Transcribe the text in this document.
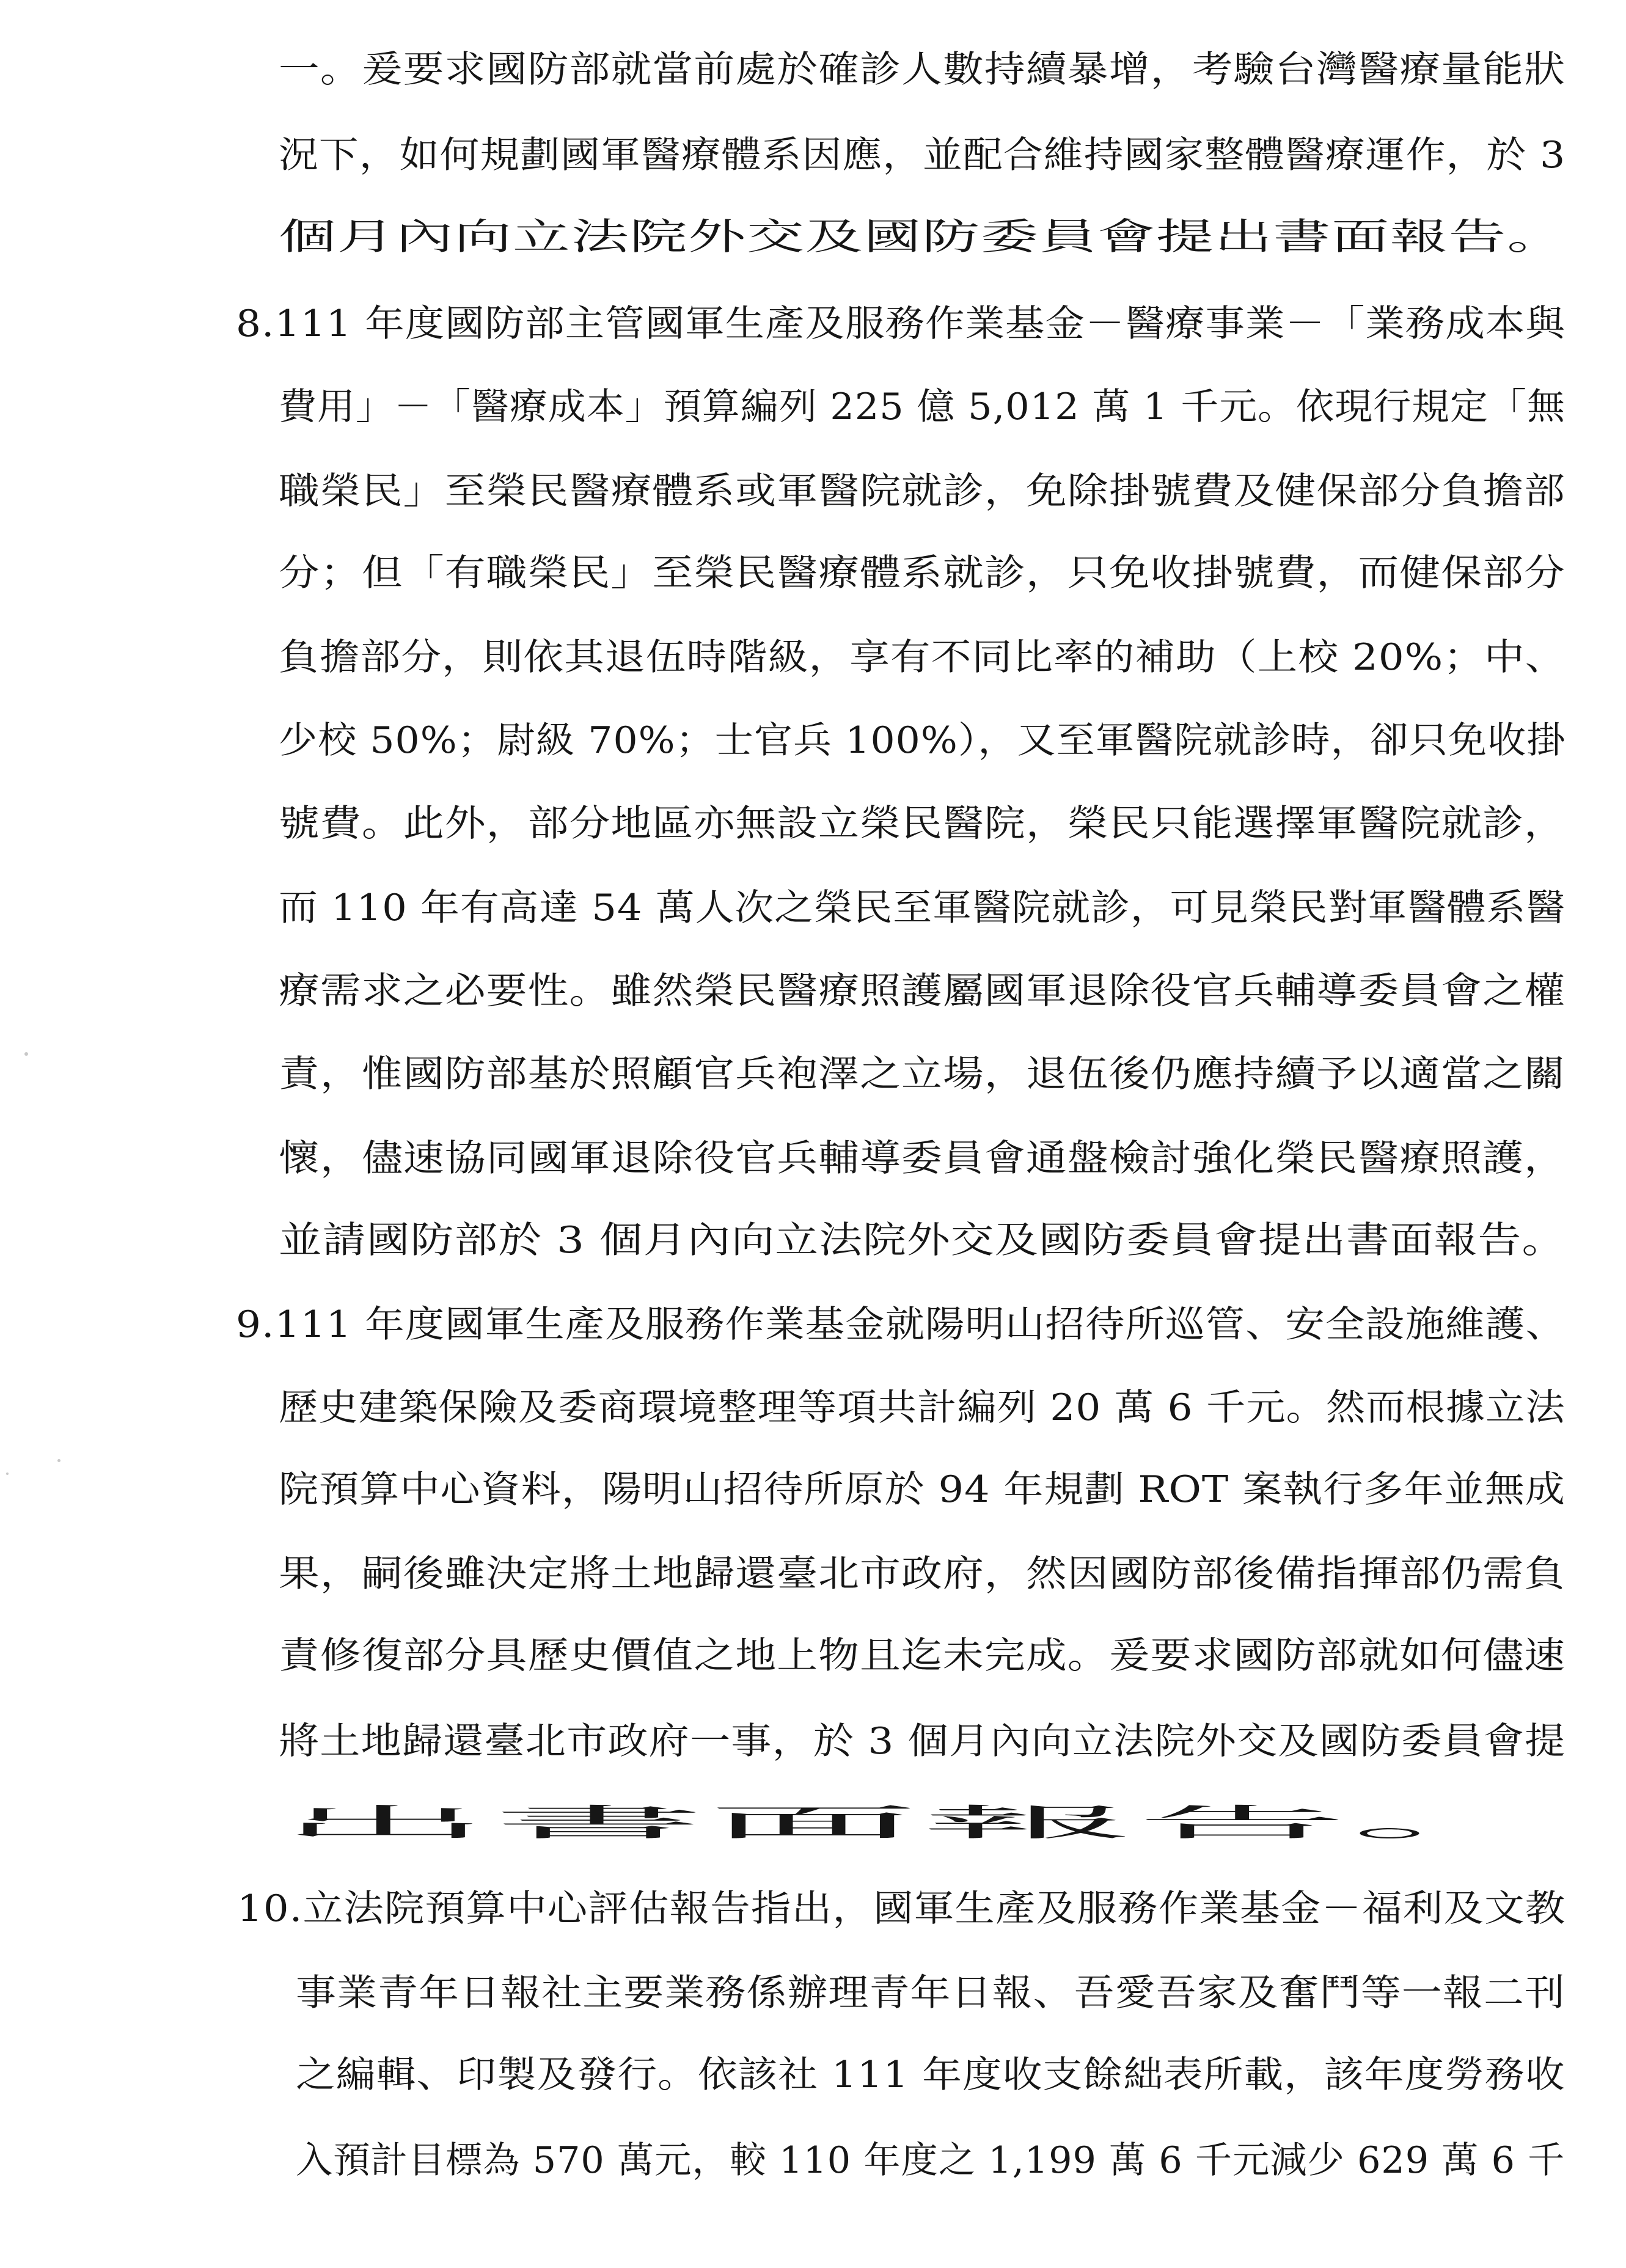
一。爰要求國防部就當前處於確診人數持續暴增，考驗台灣醫療量能狀
況下，如何規劃國軍醫療體系因應，並配合維持國家整體醫療運作，於 3
個月內向立法院外交及國防委員會提出書面報告。
8.111 年度國防部主管國軍生產及服務作業基金－醫療事業－「業務成本與
費用」－「醫療成本」預算編列 225 億 5,012 萬 1 千元。依現行規定「無
職榮民」至榮民醫療體系或軍醫院就診，免除掛號費及健保部分負擔部
分；但「有職榮民」至榮民醫療體系就診，只免收掛號費，而健保部分
負擔部分，則依其退伍時階級，享有不同比率的補助（上校 20%；中、
少校 50%；尉級 70%；士官兵 100%），又至軍醫院就診時，卻只免收掛
號費。此外，部分地區亦無設立榮民醫院，榮民只能選擇軍醫院就診，
而 110 年有高達 54 萬人次之榮民至軍醫院就診，可見榮民對軍醫體系醫
療需求之必要性。雖然榮民醫療照護屬國軍退除役官兵輔導委員會之權
責，惟國防部基於照顧官兵袍澤之立場，退伍後仍應持續予以適當之關
懷，儘速協同國軍退除役官兵輔導委員會通盤檢討強化榮民醫療照護，
並請國防部於 3 個月內向立法院外交及國防委員會提出書面報告。
9.111 年度國軍生產及服務作業基金就陽明山招待所巡管、安全設施維護、
歷史建築保險及委商環境整理等項共計編列 20 萬 6 千元。然而根據立法
院預算中心資料，陽明山招待所原於 94 年規劃 ROT 案執行多年並無成
果，嗣後雖決定將土地歸還臺北市政府，然因國防部後備指揮部仍需負
責修復部分具歷史價值之地上物且迄未完成。爰要求國防部就如何儘速
將土地歸還臺北市政府一事，於 3 個月內向立法院外交及國防委員會提
出書面報告。
10.立法院預算中心評估報告指出，國軍生產及服務作業基金－福利及文教
事業青年日報社主要業務係辦理青年日報、吾愛吾家及奮鬥等一報二刊
之編輯、印製及發行。依該社 111 年度收支餘絀表所載，該年度勞務收
入預計目標為 570 萬元，較 110 年度之 1,199 萬 6 千元減少 629 萬 6 千
